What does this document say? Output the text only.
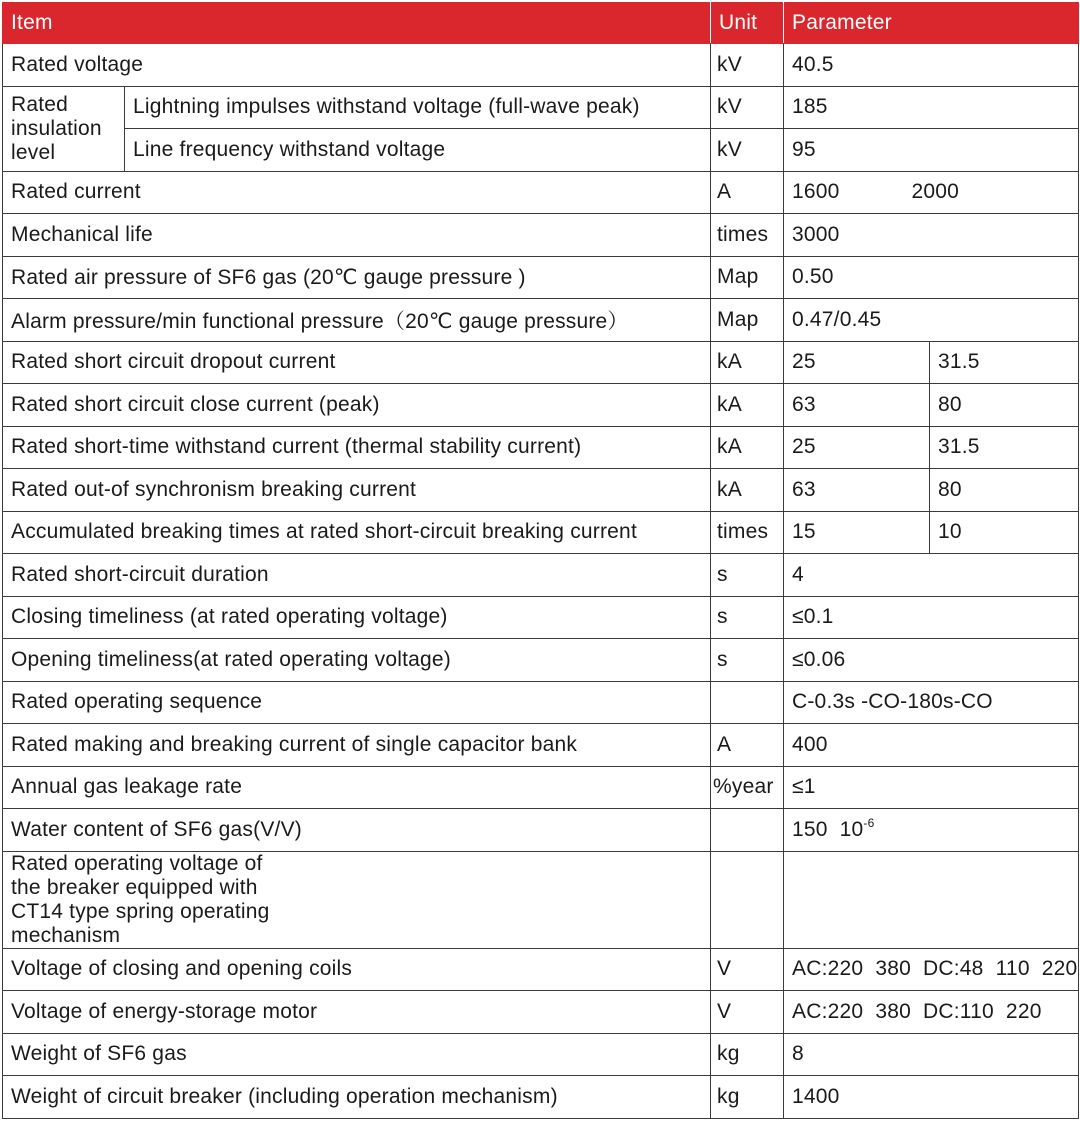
Item		Unit	Parameter	
Rated voltage		kV	40.5	
Rated insulation level	Lightning impulses withstand voltage (full-wave peak)	kV	185	
	Line frequency withstand voltage	kV	95	
Rated current		A	1600 2000	
Mechanical life		times	3000	
Rated air pressure of SF6 gas (20℃ gauge pressure )		Map	0.50	
Alarm pressure/min functional pressure（20℃ gauge pressure）		Map	0.47/0.45	
Rated short circuit dropout current		kA	25	31.5
Rated short circuit close current (peak)		kA	63	80
Rated short-time withstand current (thermal stability current)		kA	25	31.5
Rated out-of synchronism breaking current		kA	63	80
Accumulated breaking times at rated short-circuit breaking current		times	15	10
Rated short-circuit duration		s	4	
Closing timeliness (at rated operating voltage)		s	≤0.1	
Opening timeliness(at rated operating voltage)		s	≤0.06	
Rated operating sequence			C-0.3s -CO-180s-CO	
Rated making and breaking current of single capacitor bank		A	400	
Annual gas leakage rate		%year	≤1	
Water content of SF6 gas(V/V)			150 $10^{-6}$
Rated operating voltage of the breaker equipped with CT14 type spring operating mechanism				
Voltage of closing and opening coils		V	AC:220  380  DC:48  110  220	
Voltage of energy-storage motor		V	AC:220  380  DC:110  220	
Weight of SF6 gas		kg	8	
Weight of circuit breaker (including operation mechanism)		kg	1400	
